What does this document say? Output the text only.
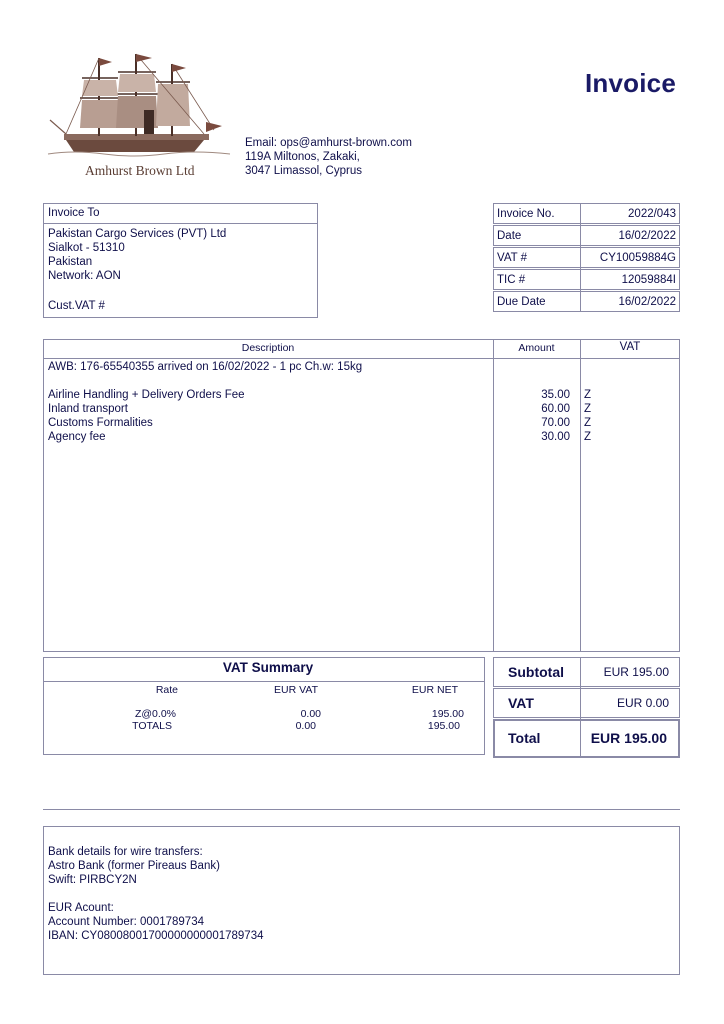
Amhurst Brown Ltd
Email: ops@amhurst-brown.com
119A Miltonos, Zakaki,
3047 Limassol, Cyprus
Invoice
Invoice To
Pakistan Cargo Services (PVT) Ltd
Sialkot - 51310
Pakistan
Network: AON
Cust.VAT #
Invoice No.	2022/043
Date	16/02/2022
VAT #	CY10059884G
TIC #	12059884I
Due Date	16/02/2022
Description	Amount	VAT
AWB: 176-65540355 arrived on 16/02/2022 - 1 pc Ch.w: 15kg
Airline Handling + Delivery Orders Fee	35.00 Z
Inland transport	60.00 Z
Customs Formalities	70.00 Z
Agency fee	30.00 Z
VAT Summary
Rate	EUR VAT	EUR NET
Z@0.0%	0.00	195.00
TOTALS	0.00	195.00
Subtotal	EUR 195.00
VAT	EUR 0.00
Total	EUR 195.00
Bank details for wire transfers:
Astro Bank (former Pireaus Bank)
Swift: PIRBCY2N
EUR Acount:
Account Number: 0001789734
IBAN: CY08008001700000000001789734
